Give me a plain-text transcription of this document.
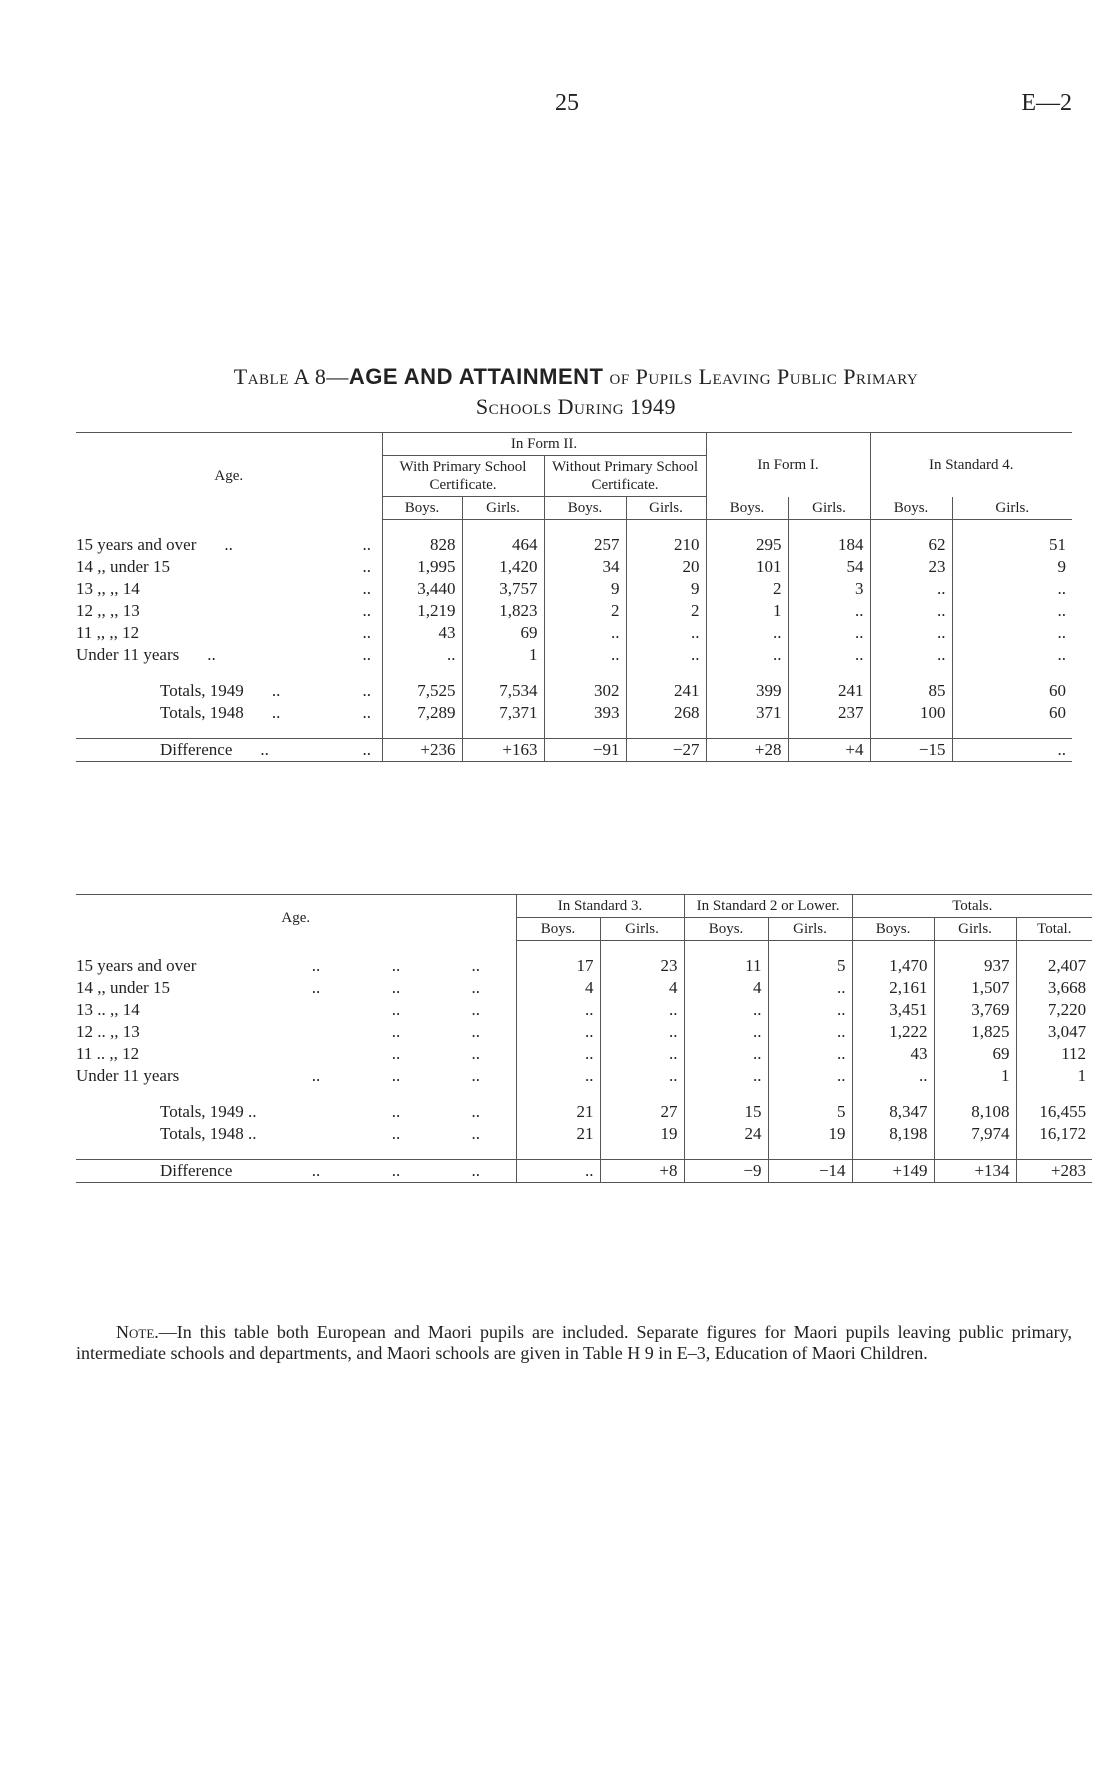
25	E—2
Table A 8—AGE AND ATTAINMENT of Pupils Leaving Public Primary
Schools During 1949
Age.		In Form II.				In Form I.		In Standard 4.	
		With Primary School Certificate.		Without Primary School Certificate.					
		Boys.	Girls.	Boys.	Girls.	Boys.	Girls.	Boys.	Girls.

15 years and over ..	..	828	464	257	210	295	184	62	51
14 ,, under 15	..	1,995	1,420	34	20	101	54	23	9
13 ,, ,, 14	..	3,440	3,757	9	9	2	3	..	..
12 ,, ,, 13	..	1,219	1,823	2	2	1	..	..	..
11 ,, ,, 12	..	43	69	..	..	..	..	..	..
Under 11 years ..	..	..	1	..	..	..	..	..	..

Totals, 1949 ..	..	7,525	7,534	302	241	399	241	85	60
Totals, 1948 ..	..	7,289	7,371	393	268	371	237	100	60

Difference ..	..	+236	+163	−91	−27	+28	+4	−15	..
Age.				In Standard 3.		In Standard 2 or Lower.		Totals.		
				Boys.	Girls.	Boys.	Girls.	Boys.	Girls.	Total.

15 years and over	..	..	..	17	23	11	5	1,470	937	2,407
14 ,, under 15	..	..	..	4	4	4	..	2,161	1,507	3,668
13 .. ,, 14		..	..	..	..	..	..	3,451	3,769	7,220
12 .. ,, 13		..	..	..	..	..	..	1,222	1,825	3,047
11 .. ,, 12		..	..	..	..	..	..	43	69	112
Under 11 years	..	..	..	..	..	..	..	..	1	1

Totals, 1949 ..		..	..	21	27	15	5	8,347	8,108	16,455
Totals, 1948 ..		..	..	21	19	24	19	8,198	7,974	16,172

Difference	..	..	..	..	+8	−9	−14	+149	+134	+283
Note.—In this table both European and Maori pupils are included. Separate figures for Maori pupils leaving public primary, intermediate schools and departments, and Maori schools are given in Table H 9 in E–3, Education of Maori Children.
